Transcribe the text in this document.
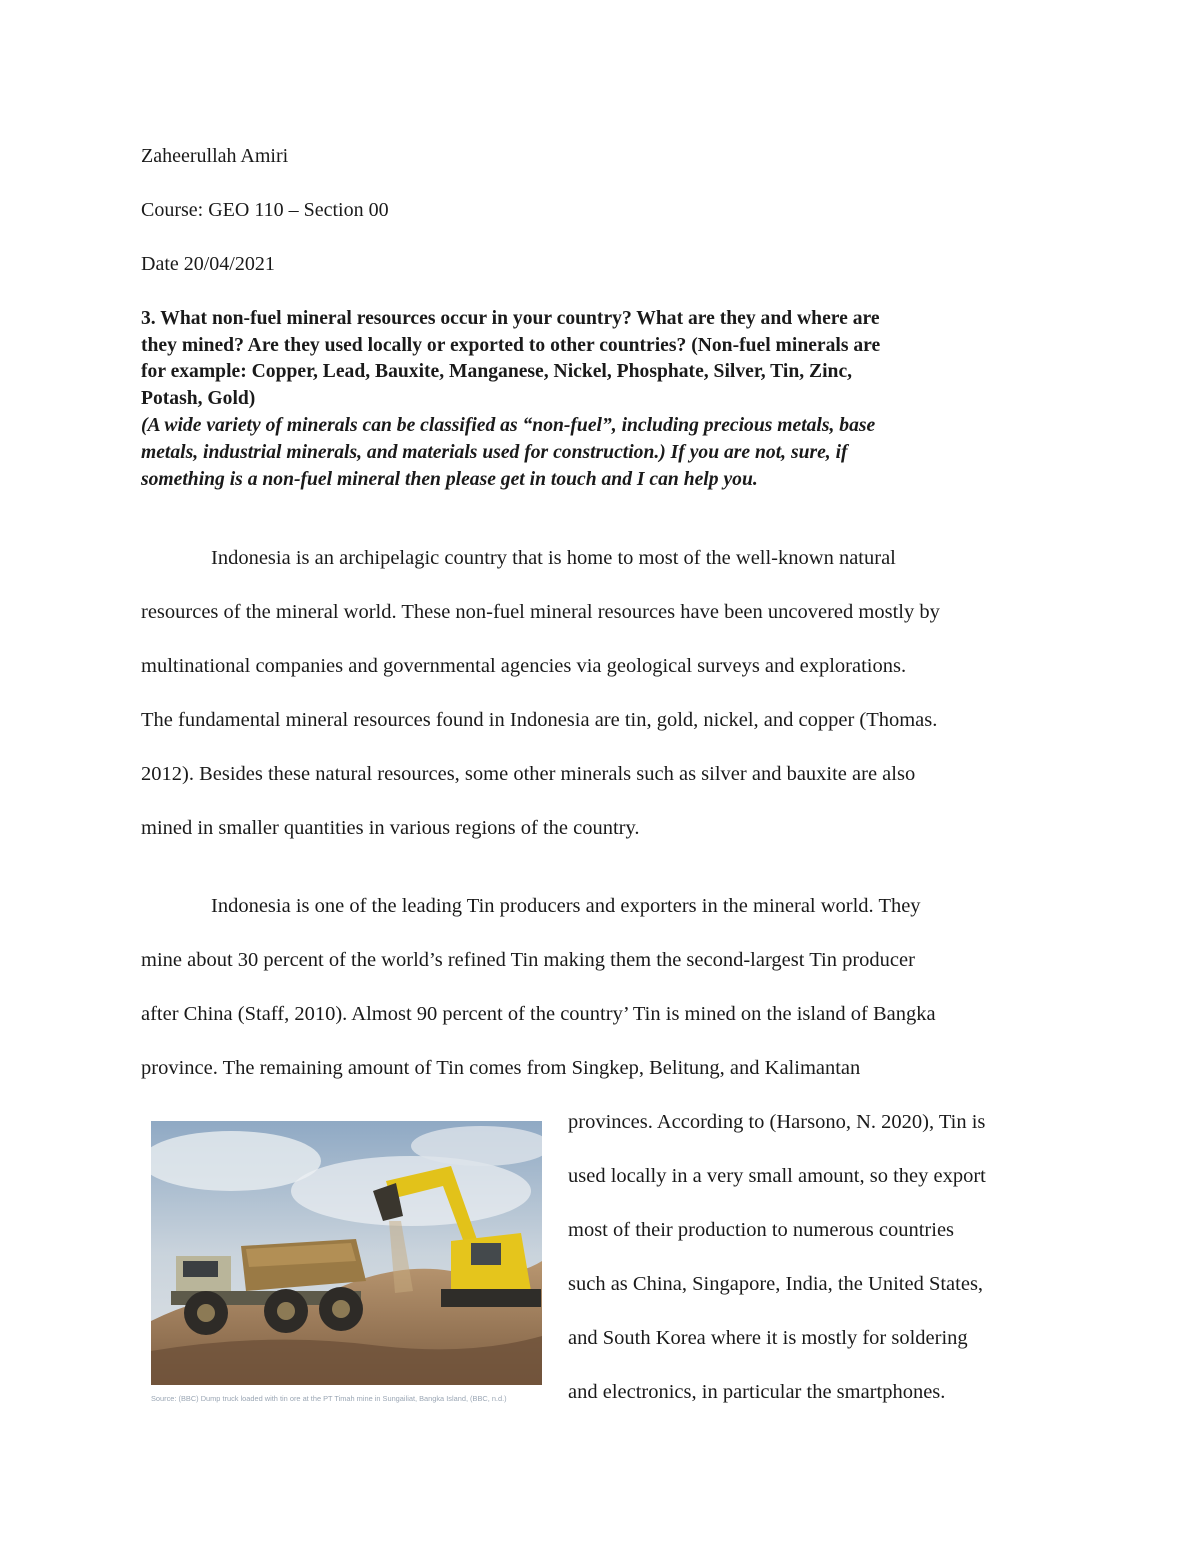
Zaheerullah Amiri
Course: GEO 110 – Section 00
Date 20/04/2021
3. What non-fuel mineral resources occur in your country? What are they and where are
they mined? Are they used locally or exported to other countries? (Non-fuel minerals are
for example: Copper, Lead, Bauxite, Manganese, Nickel, Phosphate, Silver, Tin, Zinc,
Potash, Gold)
(A wide variety of minerals can be classified as “non-fuel”, including precious metals, base
metals, industrial minerals, and materials used for construction.) If you are not, sure, if
something is a non-fuel mineral then please get in touch and I can help you.
Indonesia is an archipelagic country that is home to most of the well-known natural
resources of the mineral world. These non-fuel mineral resources have been uncovered mostly by
multinational companies and governmental agencies via geological surveys and explorations.
The fundamental mineral resources found in Indonesia are tin, gold, nickel, and copper (Thomas.
2012). Besides these natural resources, some other minerals such as silver and bauxite are also
mined in smaller quantities in various regions of the country.
Indonesia is one of the leading Tin producers and exporters in the mineral world. They
mine about 30 percent of the world’s refined Tin making them the second-largest Tin producer
after China (Staff, 2010). Almost 90 percent of the country’ Tin is mined on the island of Bangka
province. The remaining amount of Tin comes from Singkep, Belitung, and Kalimantan
provinces. According to (Harsono, N. 2020), Tin is
used locally in a very small amount, so they export
most of their production to numerous countries
such as China, Singapore, India, the United States,
and South Korea where it is mostly for soldering
and electronics, in particular the smartphones.
Source: (BBC) Dump truck loaded with tin ore at the PT Timah mine in Sungailiat, Bangka Island, (BBC, n.d.)
